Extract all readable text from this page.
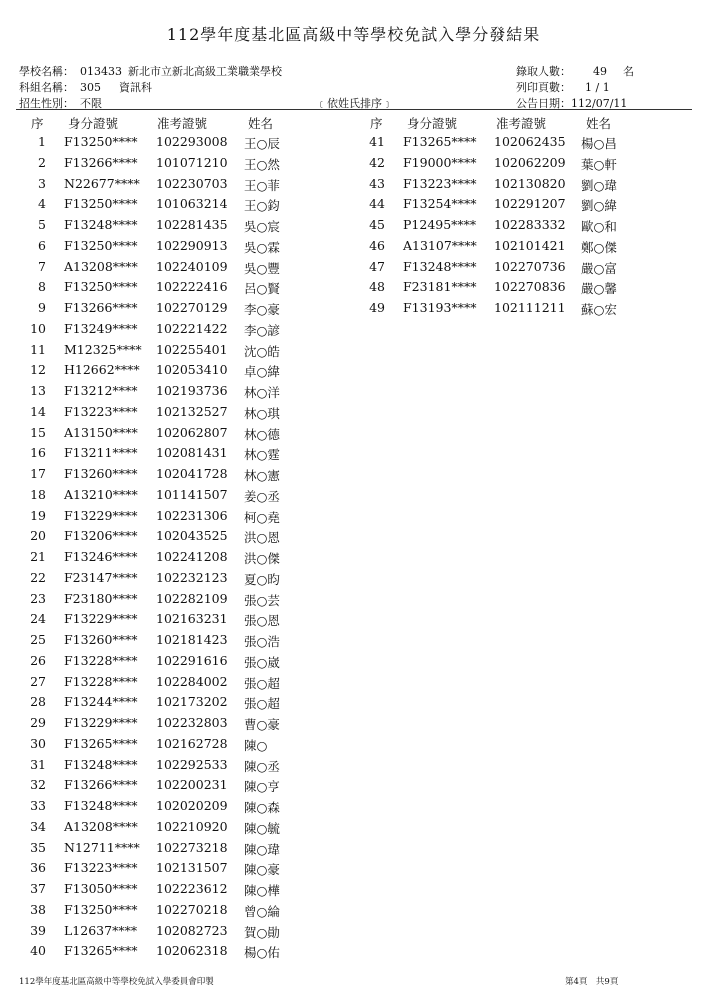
112學年度基北區高級中等學校免試入學分發結果
學校名稱： 013433 新北市立新北高級工業職業學校
科組名稱： 305 資訊科
招生性別： 不限	﹝依姓氏排序﹞
錄取人數： 49 名
列印頁數： 1 / 1
公告日期：112/07/11
序 身分證號	准考證號	姓名	序 身分證號	准考證號	姓名
1 F13250**** 102293008 王○辰
2 F13266**** 101071210 王○然
3 N22677**** 102230703 王○菲
4 F13250**** 101063214 王○鈞
5 F13248**** 102281435 吳○宸
6 F13250**** 102290913 吳○霖
7 A13208**** 102240109 吳○豐
8 F13250**** 102222416 呂○賢
9 F13266**** 102270129 李○豪
10 F13249**** 102221422 李○諺
11 M12325**** 102255401 沈○皓
12 H12662**** 102053410 卓○緯
13 F13212**** 102193736 林○洋
14 F13223**** 102132527 林○琪
15 A13150**** 102062807 林○德
16 F13211**** 102081431 林○霆
17 F13260**** 102041728 林○憲
18 A13210**** 101141507 姜○丞
19 F13229**** 102231306 柯○堯
20 F13206**** 102043525 洪○恩
21 F13246**** 102241208 洪○傑
22 F23147**** 102232123 夏○昀
23 F23180**** 102282109 張○芸
24 F13229**** 102163231 張○恩
25 F13260**** 102181423 張○浩
26 F13228**** 102291616 張○崴
27 F13228**** 102284002 張○超
28 F13244**** 102173202 張○超
29 F13229**** 102232803 曹○豪
30 F13265**** 102162728 陳○
31 F13248**** 102292533 陳○丞
32 F13266**** 102200231 陳○亨
33 F13248**** 102020209 陳○森
34 A13208**** 102210920 陳○毓
35 N12711**** 102273218 陳○瑋
36 F13223**** 102131507 陳○豪
37 F13050**** 102223612 陳○樺
38 F13250**** 102270218 曾○綸
39 L12637**** 102082723 賀○勛
40 F13265**** 102062318 楊○佑
41 F13265**** 102062435 楊○昌
42 F19000**** 102062209 葉○軒
43 F13223**** 102130820 劉○瑋
44 F13254**** 102291207 劉○緯
45 P12495**** 102283332 歐○和
46 A13107**** 102101421 鄭○傑
47 F13248**** 102270736 嚴○富
48 F23181**** 102270836 嚴○馨
49 F13193**** 102111211 蘇○宏
112學年度基北區高級中等學校免試入學委員會印製	第4頁　共9頁
